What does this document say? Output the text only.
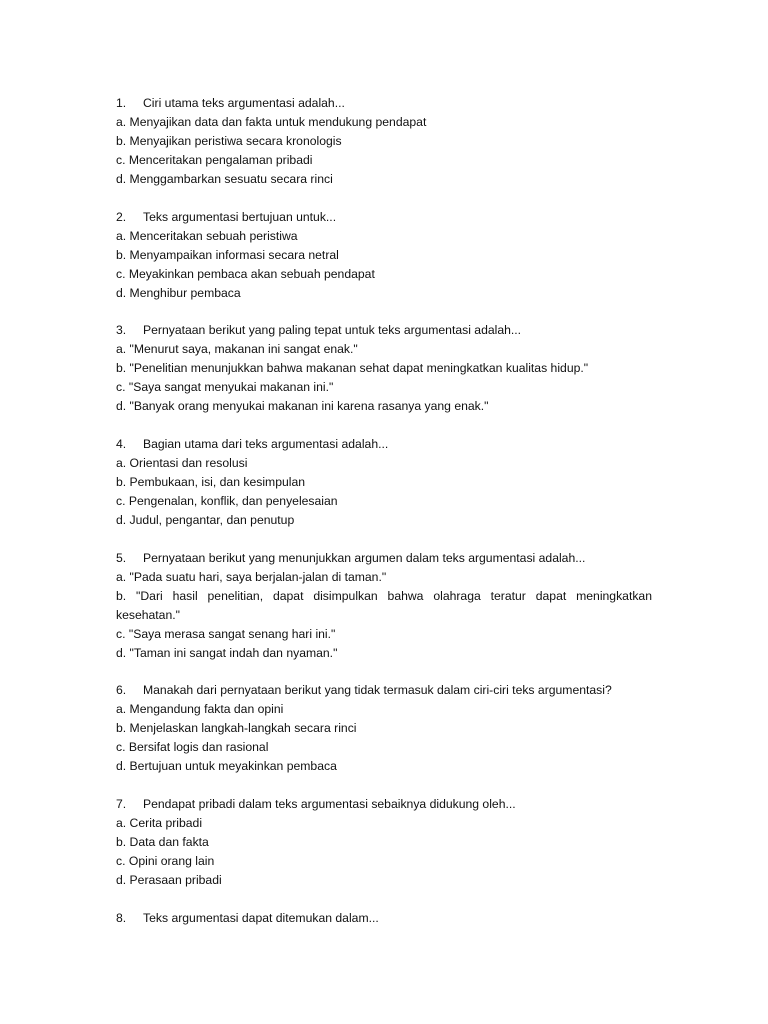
1.	Ciri utama teks argumentasi adalah...
a. Menyajikan data dan fakta untuk mendukung pendapat
b. Menyajikan peristiwa secara kronologis
c. Menceritakan pengalaman pribadi
d. Menggambarkan sesuatu secara rinci
2.	Teks argumentasi bertujuan untuk...
a. Menceritakan sebuah peristiwa
b. Menyampaikan informasi secara netral
c. Meyakinkan pembaca akan sebuah pendapat
d. Menghibur pembaca
3.	Pernyataan berikut yang paling tepat untuk teks argumentasi adalah...
a. "Menurut saya, makanan ini sangat enak."
b. "Penelitian menunjukkan bahwa makanan sehat dapat meningkatkan kualitas hidup."
c. "Saya sangat menyukai makanan ini."
d. "Banyak orang menyukai makanan ini karena rasanya yang enak."
4.	Bagian utama dari teks argumentasi adalah...
a. Orientasi dan resolusi
b. Pembukaan, isi, dan kesimpulan
c. Pengenalan, konflik, dan penyelesaian
d. Judul, pengantar, dan penutup
5.	Pernyataan berikut yang menunjukkan argumen dalam teks argumentasi adalah...
a. "Pada suatu hari, saya berjalan-jalan di taman."
b. "Dari hasil penelitian, dapat disimpulkan bahwa olahraga teratur dapat meningkatkan kesehatan."
c. "Saya merasa sangat senang hari ini."
d. "Taman ini sangat indah dan nyaman."
6.	Manakah dari pernyataan berikut yang tidak termasuk dalam ciri-ciri teks argumentasi?
a. Mengandung fakta dan opini
b. Menjelaskan langkah-langkah secara rinci
c. Bersifat logis dan rasional
d. Bertujuan untuk meyakinkan pembaca
7.	Pendapat pribadi dalam teks argumentasi sebaiknya didukung oleh...
a. Cerita pribadi
b. Data dan fakta
c. Opini orang lain
d. Perasaan pribadi
8.	Teks argumentasi dapat ditemukan dalam...
